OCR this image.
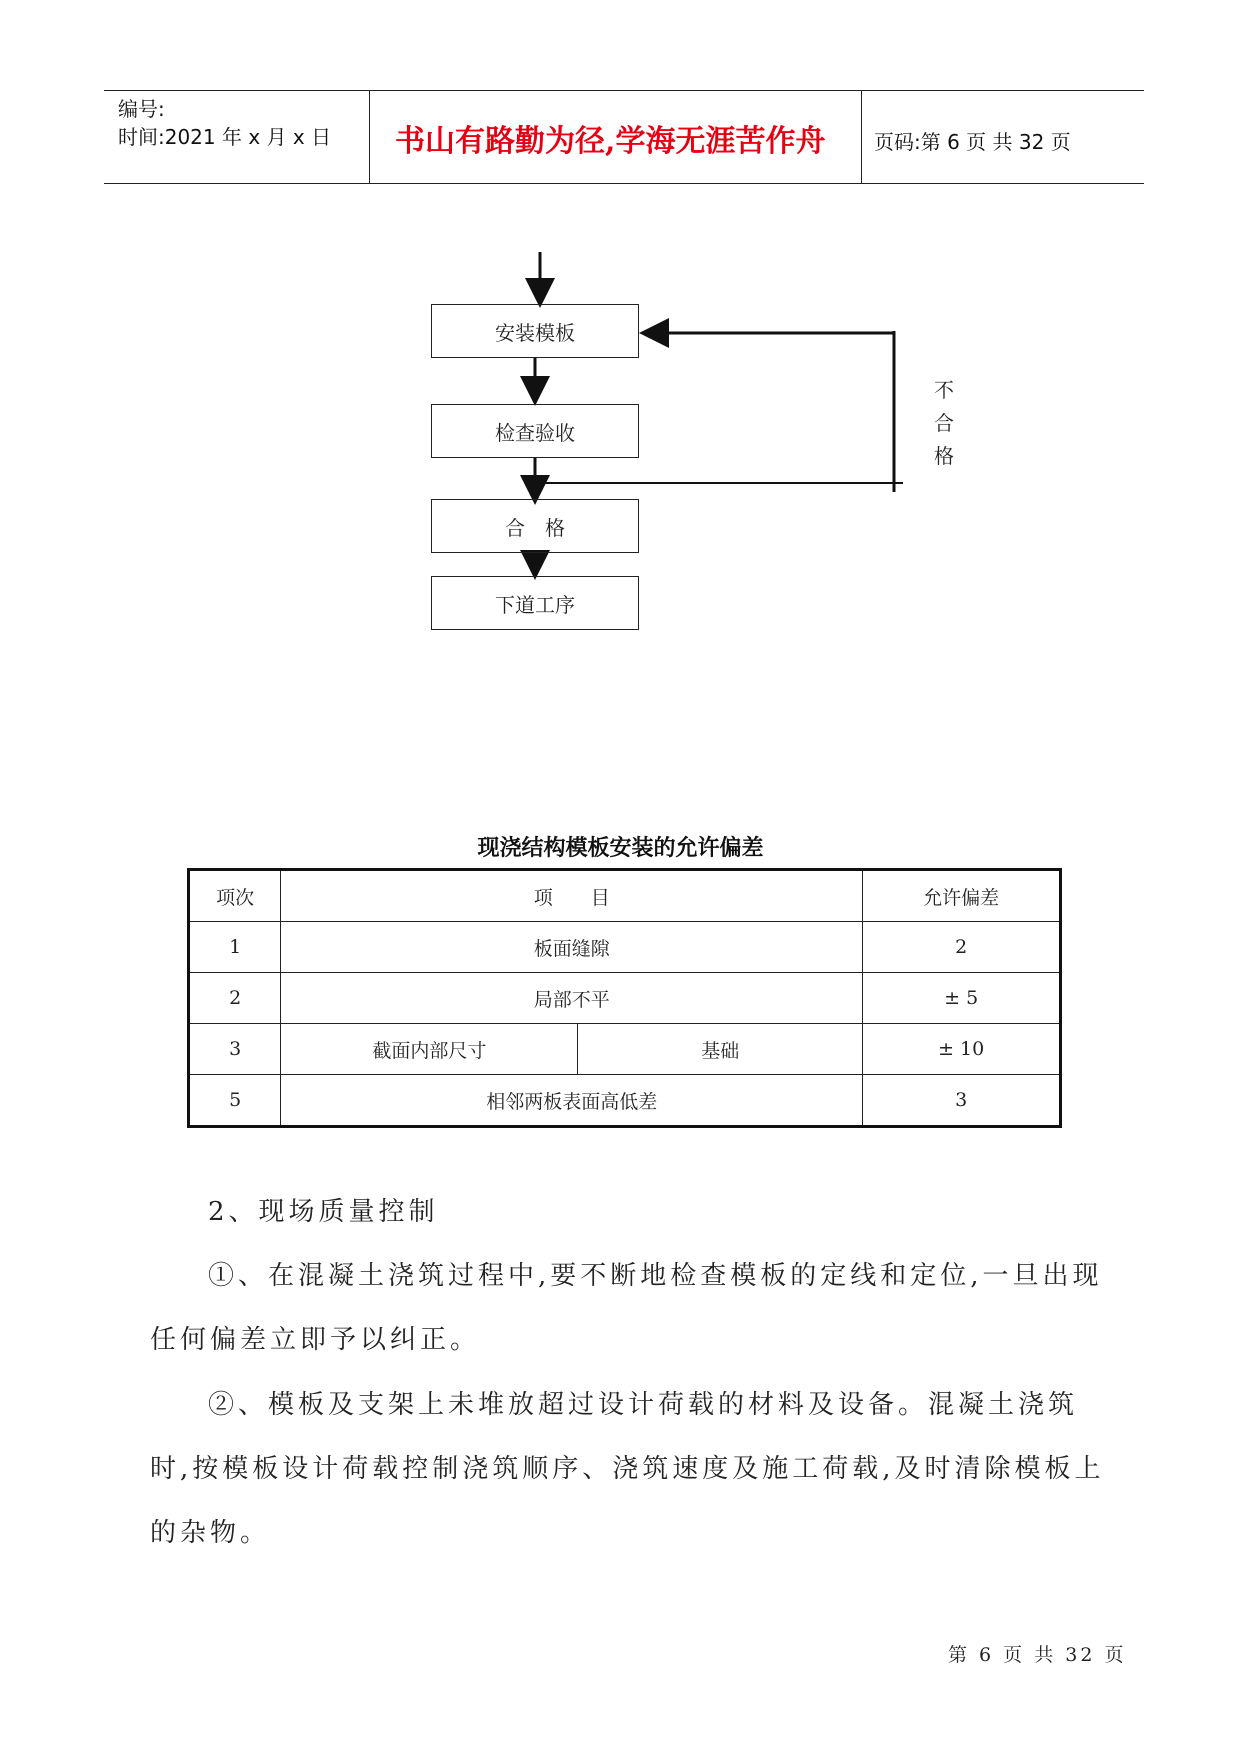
编号:
时间:2021 年 x 月 x 日 书山有路勤为径,学海无涯苦作舟 页码:第 6 页 共 32 页
安装模板
检查验收
合　格
下道工序
不
合
格
现浇结构模板安装的允许偏差
项次	项　　目		允许偏差
1	板面缝隙		2
2	局部不平		± 5
3	截面内部尺寸	基础	± 10
5	相邻两板表面高低差		3
2、现场质量控制
①、在混凝土浇筑过程中,要不断地检查模板的定线和定位,一旦出现任何偏差立即予以纠正。
②、模板及支架上未堆放超过设计荷载的材料及设备。混凝土浇筑时,按模板设计荷载控制浇筑顺序、浇筑速度及施工荷载,及时清除模板上的杂物。
第 6 页 共 32 页
